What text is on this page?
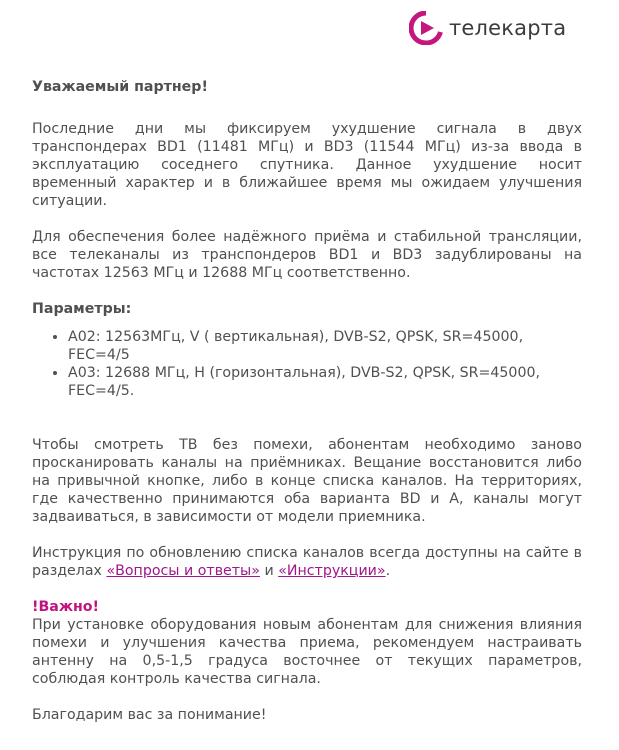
телекарта
Уважаемый партнер!

Последние дни мы фиксируем ухудшение сигнала в двух транспондерах BD1 (11481 МГц) и BD3 (11544 МГц) из-за ввода в эксплуатацию соседнего спутника. Данное ухудшение носит временный характер и в ближайшее время мы ожидаем улучшения ситуации.

Для обеспечения более надёжного приёма и стабильной трансляции, все телеканалы из транспондеров BD1 и BD3 задублированы на частотах 12563 МГц и 12688 МГц соответственно.

Параметры:
• A02: 12563МГц, V ( вертикальная), DVB-S2, QPSK, SR=45000, FEC=4/5
• A03: 12688 МГц, H (горизонтальная), DVB-S2, QPSK, SR=45000, FEC=4/5.

Чтобы смотреть ТВ без помехи, абонентам необходимо заново просканировать каналы на приёмниках. Вещание восстановится либо на привычной кнопке, либо в конце списка каналов. На территориях, где качественно принимаются оба варианта BD и A, каналы могут задваиваться, в зависимости от модели приемника.

Инструкция по обновлению списка каналов всегда доступны на сайте в разделах «Вопросы и ответы» и «Инструкции».

!Важно!

При установке оборудования новым абонентам для снижения влияния помехи и улучшения качества приема, рекомендуем настраивать антенну на 0,5-1,5 градуса восточнее от текущих параметров, соблюдая контроль качества сигнала.

Благодарим вас за понимание!
